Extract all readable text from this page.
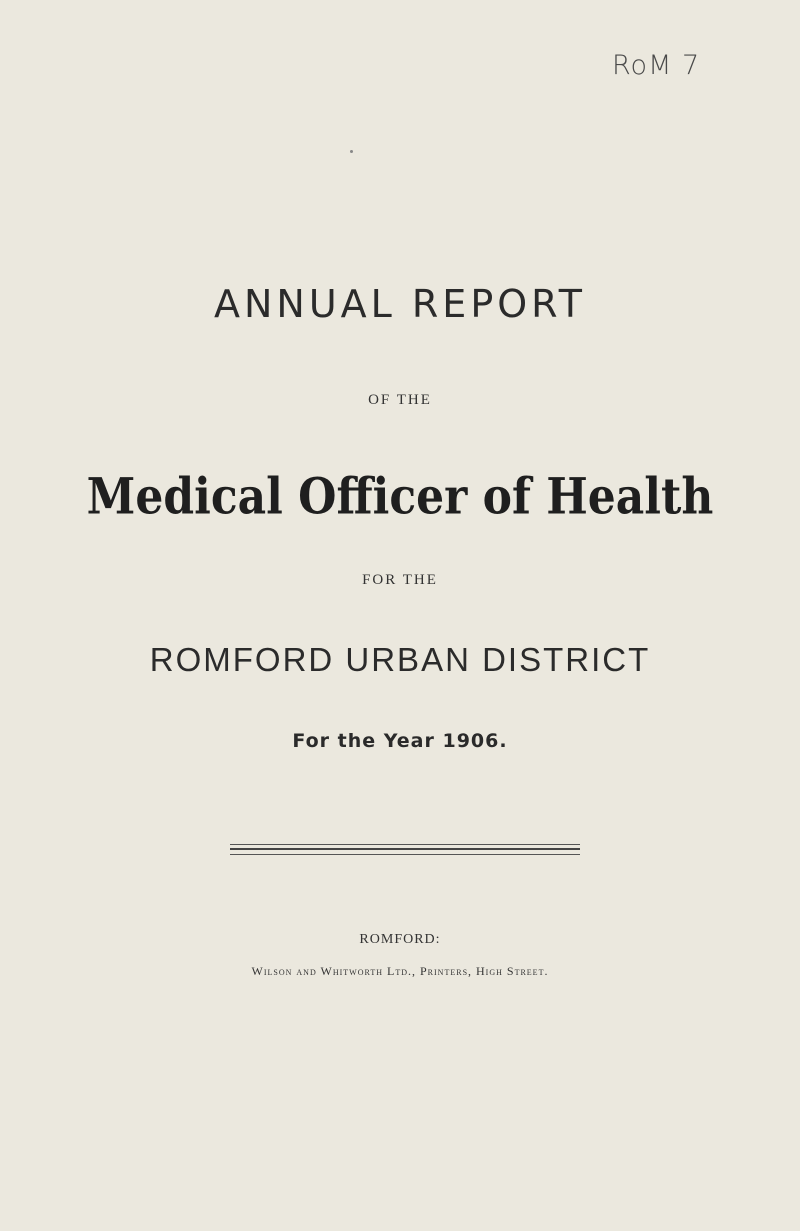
RoM 7
ANNUAL REPORT
OF THE
Medical Officer of Health
FOR THE
ROMFORD URBAN DISTRICT
For the Year 1906.
ROMFORD:
Wilson and Whitworth Ltd., Printers, High Street.
